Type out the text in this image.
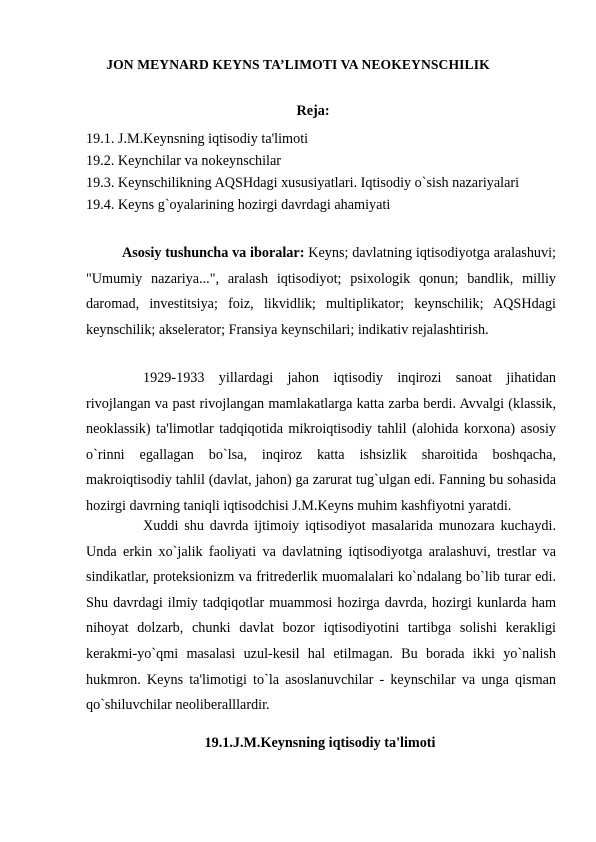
JON MEYNARD KEYNS TA’LIMOTI VA NEOKEYNSCHILIK
Reja:
19.1. J.M.Keynsning iqtisodiy ta'limoti
19.2. Keynchilar va nokeynschilar
19.3. Keynschilikning AQSHdagi xususiyatlari. Iqtisodiy o`sish nazariyalari
19.4. Keyns g`oyalarining hozirgi davrdagi ahamiyati
Asosiy tushuncha va iboralar: Keyns; davlatning iqtisodiyotga aralashuvi; "Umumiy nazariya...", aralash iqtisodiyot; psixologik qonun; bandlik, milliy daromad, investitsiya; foiz, likvidlik; multiplikator; keynschilik; AQSHdagi keynschilik; akselerator; Fransiya keynschilari; indikativ rejalashtirish.
1929-1933 yillardagi jahon iqtisodiy inqirozi sanoat jihatidan rivojlangan va past rivojlangan mamlakatlarga katta zarba berdi. Avvalgi (klassik, neoklassik) ta'limotlar tadqiqotida mikroiqtisodiy tahlil (alohida korxona) asosiy o`rinni egallagan bo`lsa, inqiroz katta ishsizlik sharoitida boshqacha, makroiqtisodiy tahlil (davlat, jahon) ga zarurat tug`ulgan edi. Fanning bu sohasida hozirgi davrning taniqli iqtisodchisi J.M.Keyns muhim kashfiyotni yaratdi.
Xuddi shu davrda ijtimoiy iqtisodiyot masalarida munozara kuchaydi. Unda erkin xo`jalik faoliyati va davlatning iqtisodiyotga aralashuvi, trestlar va sindikatlar, proteksionizm va fritrederlik muomalalari ko`ndalang bo`lib turar edi. Shu davrdagi ilmiy tadqiqotlar muammosi hozirga davrda, hozirgi kunlarda ham nihoyat dolzarb, chunki davlat bozor iqtisodiyotini tartibga solishi kerakligi kerakmi-yo`qmi masalasi uzul-kesil hal etilmagan. Bu borada ikki yo`nalish hukmron. Keyns ta'limotigi to`la asoslanuvchilar - keynschilar va unga qisman qo`shiluvchilar neoliberalllardir.
19.1.J.M.Keynsning iqtisodiy ta'limoti
